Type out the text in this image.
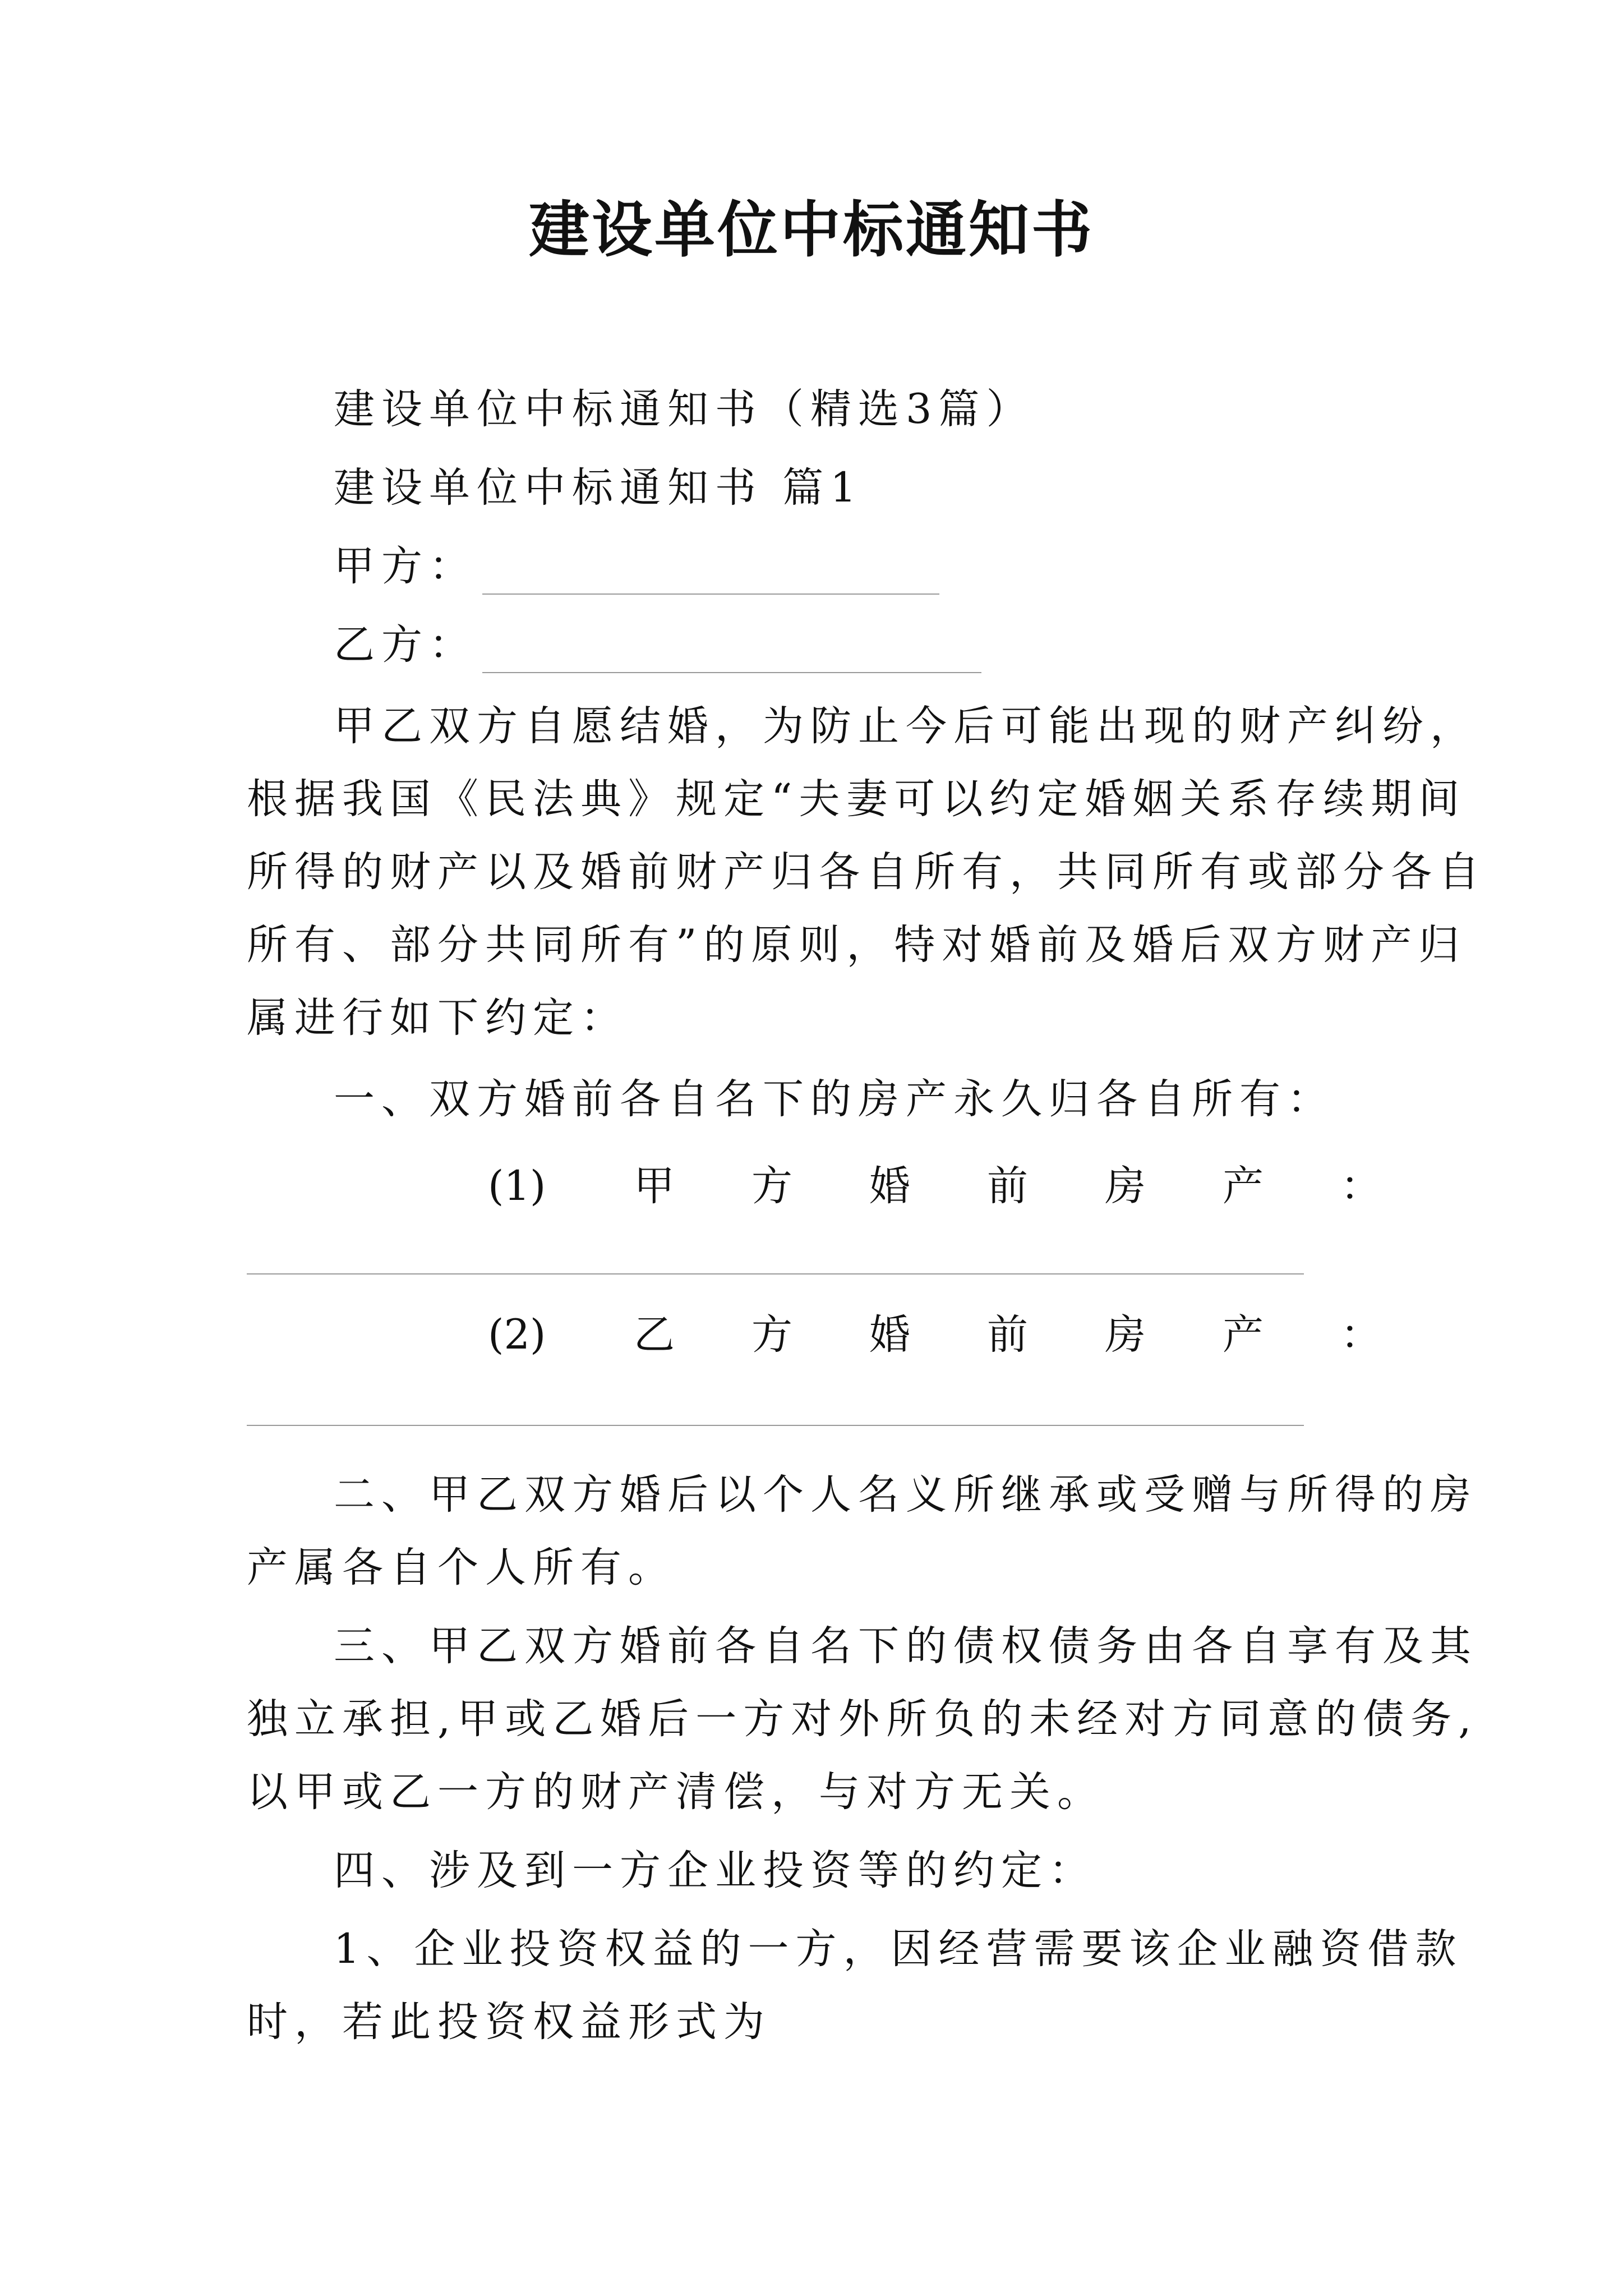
建设单位中标通知书
建设单位中标通知书（精选3篇）
建设单位中标通知书 篇1
甲方：
乙方：
甲乙双方自愿结婚，为防止今后可能出现的财产纠纷，
根据我国《民法典》规定“夫妻可以约定婚姻关系存续期间
所得的财产以及婚前财产归各自所有，共同所有或部分各自
所有、部分共同所有”的原则，特对婚前及婚后双方财产归
属进行如下约定：
一、双方婚前各自名下的房产永久归各自所有：
(1) 甲 方 婚 前 房 产 ：
(2) 乙 方 婚 前 房 产 ：
二、甲乙双方婚后以个人名义所继承或受赠与所得的房
产属各自个人所有。
三、甲乙双方婚前各自名下的债权债务由各自享有及其
独立承担,甲或乙婚后一方对外所负的未经对方同意的债务,
以甲或乙一方的财产清偿，与对方无关。
四、涉及到一方企业投资等的约定：
1、企业投资权益的一方，因经营需要该企业融资借款
时，若此投资权益形式为
